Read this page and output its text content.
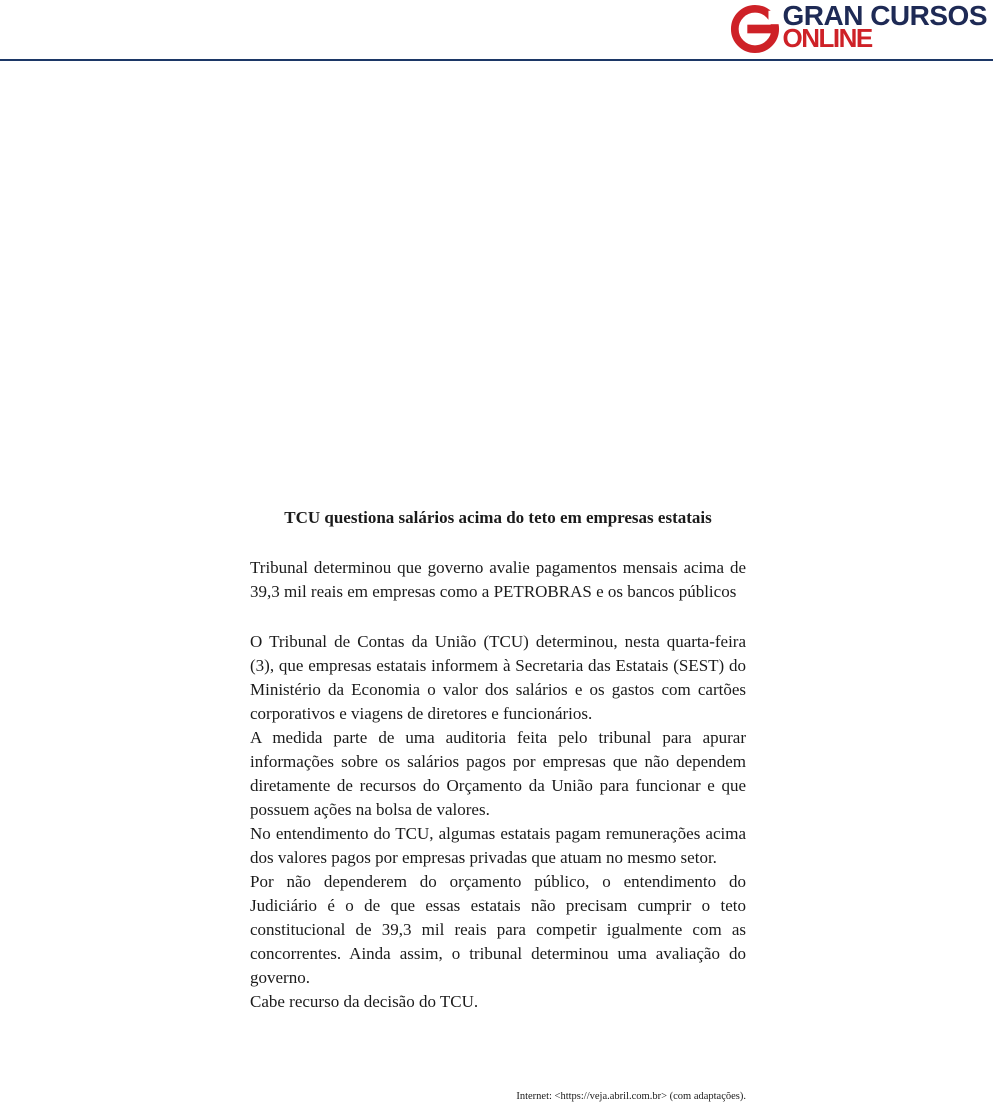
GRAN CURSOS
ONLINE
TCU questiona salários acima do teto em empresas estatais

Tribunal determinou que governo avalie pagamentos mensais acima de 39,3 mil reais em empresas como a PETROBRAS e os bancos públicos

O Tribunal de Contas da União (TCU) determinou, nesta quarta-feira (3), que empresas estatais informem à Secretaria das Estatais (SEST) do Ministério da Economia o valor dos salários e os gastos com cartões corporativos e viagens de diretores e funcionários.

A medida parte de uma auditoria feita pelo tribunal para apurar informações sobre os salários pagos por empresas que não dependem diretamente de recursos do Orçamento da União para funcionar e que possuem ações na bolsa de valores.

No entendimento do TCU, algumas estatais pagam remunerações acima dos valores pagos por empresas privadas que atuam no mesmo setor.

Por não dependerem do orçamento público, o entendimento do Judiciário é o de que essas estatais não precisam cumprir o teto constitucional de 39,3 mil reais para competir igualmente com as concorrentes. Ainda assim, o tribunal determinou uma avaliação do governo.

Cabe recurso da decisão do TCU.

Internet: <https://veja.abril.com.br> (com adaptações).
